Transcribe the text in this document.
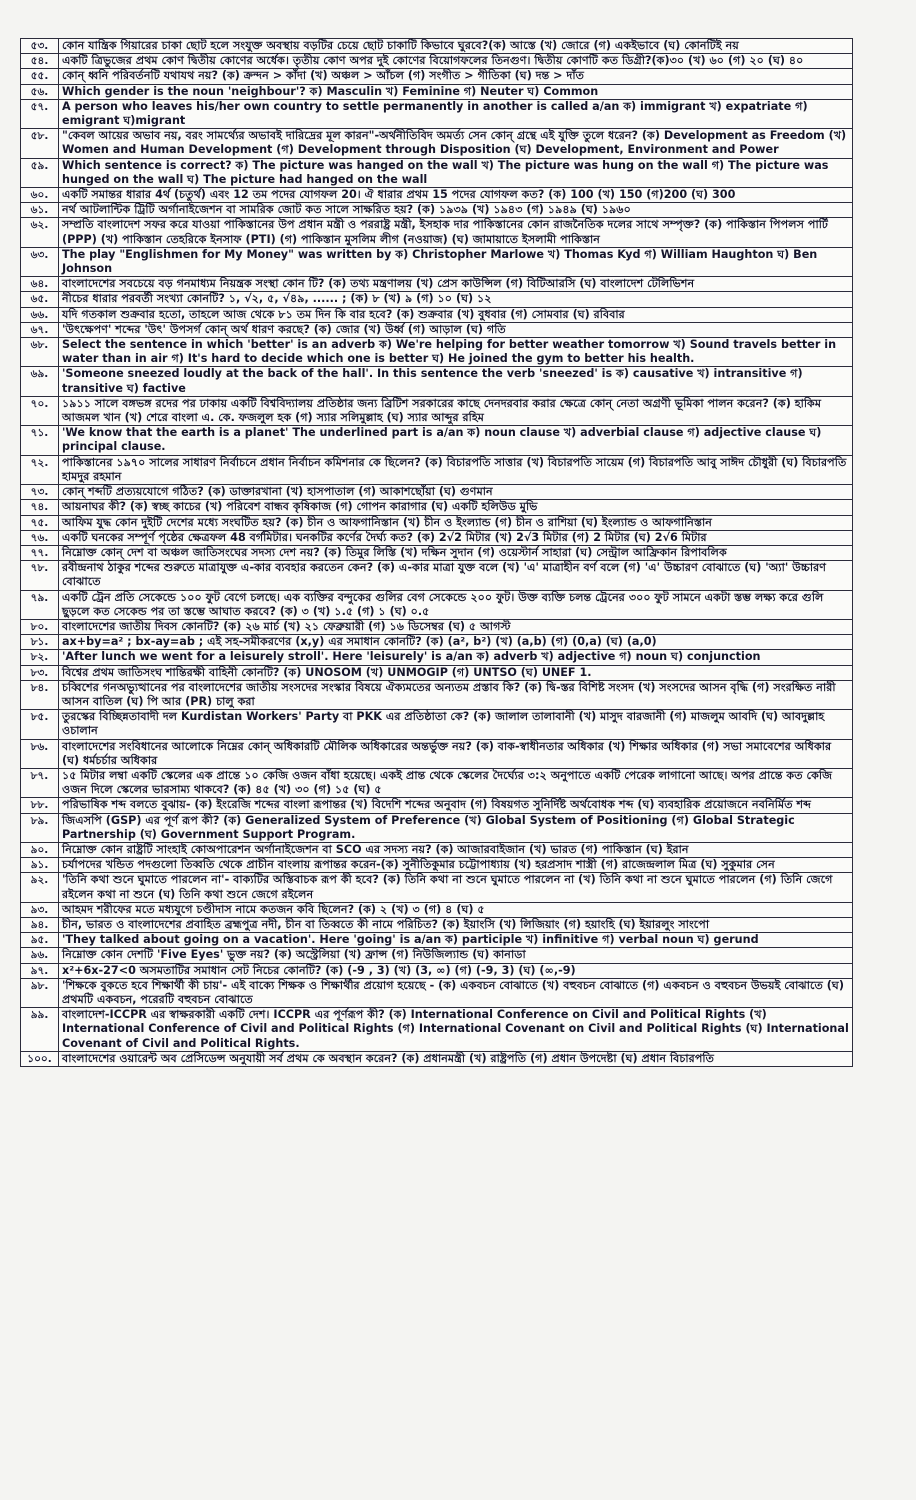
৫৩.	কোন যান্ত্রিক গিয়ারের চাকা ছোট হলে সংযুক্ত অবস্থায় বড়টির চেয়ে ছোট চাকাটি কিভাবে ঘুরবে?(ক) আস্তে (খ) জোরে (গ) একইভাবে (ঘ) কোনটিই নয়
৫৪.	একটি ত্রিভুজের প্রথম কোণ দ্বিতীয় কোণের অর্ধেক। তৃতীয় কোণ অপর দুই কোণের বিয়োগফলের তিনগুণ। দ্বিতীয় কোণটি কত ডিগ্রী?(ক)৩০ (খ) ৬০ (গ) ২০ (ঘ) ৪০
৫৫.	কোন্ ধ্বনি পরিবর্তনটি যথাযথ নয়? (ক) ক্রন্দন > কাঁদা (খ) অঞ্চল > আঁচল (গ) সংগীত > গীতিকা (ঘ) দন্ত > দাঁত
৫৬.	Which gender is the noun 'neighbour'? ক) Masculin খ) Feminine গ) Neuter ঘ) Common
৫৭.	A person who leaves his/her own country to settle permanently in another is called a/an ক) immigrant খ) expatriate গ) emigrant ঘ)migrant
৫৮.	"কেবল আয়ের অভাব নয়, বরং সামর্থ্যের অভাবই দারিদ্রের মূল কারন"-অর্থনীতিবিদ অমর্ত্য সেন কোন্ গ্রন্থে এই যুক্তি তুলে ধরেন? (ক) Development as Freedom (খ) Women and Human Development (গ) Development through Disposition (ঘ) Development, Environment and Power
৫৯.	Which sentence is correct? ক) The picture was hanged on the wall খ) The picture was hung on the wall গ) The picture was hunged on the wall ঘ) The picture had hanged on the wall
৬০.	একটি সমান্তর ধারার 4র্থ (চতুর্থ) এবং 12 তম পদের যোগফল 20। ঐ ধারার প্রথম 15 পদের যোগফল কত? (ক) 100 (খ) 150 (গ)200 (ঘ) 300
৬১.	নর্থ আটলান্টিক ট্রিটি অর্গানাইজেশন বা সামরিক জোট কত সালে সাক্ষরিত হয়? (ক) ১৯৩৯ (খ) ১৯৪৩ (গ) ১৯৪৯ (ঘ) ১৯৬০
৬২.	সম্প্রতি বাংলাদেশ সফর করে যাওয়া পাকিস্তানের উপ প্রধান মন্ত্রী ও পররাষ্ট্র মন্ত্রী, ইসহাক দার পাকিস্তানের কোন রাজনৈতিক দলের সাথে সম্পৃক্ত? (ক) পাকিস্তান পিপলস পার্টি (PPP) (খ) পাকিস্তান তেহরিকে ইনসাফ (PTI) (গ) পাকিস্তান মুসলিম লীগ (নওয়াজ) (ঘ) জামায়াতে ইসলামী পাকিস্তান
৬৩.	The play "Englishmen for My Money" was written by ক) Christopher Marlowe খ) Thomas Kyd গ) William Haughton ঘ) Ben Johnson
৬৪.	বাংলাদেশের সবচেয়ে বড় গনমাধ্যম নিয়ন্ত্রক সংস্থা কোন টি? (ক) তথ্য মন্ত্রণালয় (খ) প্রেস কাউন্সিল (গ) বিটিআরসি (ঘ) বাংলাদেশ টেলিভিশন
৬৫.	নীচের ধারার পরবর্তী সংখ্যা কোনটি? ১, √২, ৫, √৪৯, ...... ; (ক) ৮ (খ) ৯ (গ) ১০ (ঘ) ১২
৬৬.	যদি গতকাল শুক্রবার হতো, তাহলে আজ থেকে ৮১ তম দিন কি বার হবে? (ক) শুক্রবার (খ) বুধবার (গ) সোমবার (ঘ) রবিবার
৬৭.	'উৎক্ষেপণ' শব্দের 'উৎ' উপসর্গ কোন্ অর্থ ধারণ করছে? (ক) জোর (খ) উর্ধ্ব (গ) আড়াল (ঘ) গতি
৬৮.	Select the sentence in which 'better' is an adverb ক) We're helping for better weather tomorrow খ) Sound travels better in water than in air গ) It's hard to decide which one is better ঘ) He joined the gym to better his health.
৬৯.	'Someone sneezed loudly at the back of the hall'. In this sentence the verb 'sneezed' is ক) causative খ) intransitive গ) transitive ঘ) factive
৭০.	১৯১১ সালে বঙ্গভঙ্গ রদের পর ঢাকায় একটি বিশ্ববিদ্যালয় প্রতিষ্ঠার জন্য ব্রিটিশ সরকারের কাছে দেনদরবার করার ক্ষেত্রে কোন্ নেতা অগ্রণী ভূমিকা পালন করেন? (ক) হাকিম আজমল খান (খ) শেরে বাংলা এ. কে. ফজলুল হক (গ) স্যার সলিমুল্লাহ (ঘ) স্যার আব্দুর রহিম
৭১.	'We know that the earth is a planet' The underlined part is a/an ক) noun clause খ) adverbial clause গ) adjective clause ঘ) principal clause.
৭২.	পাকিস্তানের ১৯৭০ সালের সাধারণ নির্বাচনে প্রধান নির্বাচন কমিশনার কে ছিলেন? (ক) বিচারপতি সাত্তার (খ) বিচারপতি সায়েম (গ) বিচারপতি আবু সাঈদ চৌধুরী (ঘ) বিচারপতি হামদুর রহমান
৭৩.	কোন্ শব্দটি প্রত্যয়যোগে গঠিত? (ক) ডাক্তারখানা (খ) হাসপাতাল (গ) আকাশছোঁয়া (ঘ) গুণমান
৭৪.	আয়নাঘর কী? (ক) স্বচ্ছ কাচের (খ) পরিবেশ বান্ধব কৃষিকাজ (গ) গোপন কারাগার (ঘ) একটি হলিউড মুভি
৭৫.	আফিম যুদ্ধ কোন দুইটি দেশের মধ্যে সংঘটিত হয়? (ক) চীন ও আফগানিস্তান (খ) চীন ও ইংল্যান্ড (গ) চীন ও রাশিয়া (ঘ) ইংল্যান্ড ও আফগানিস্তান
৭৬.	একটি ঘনকের সম্পূর্ণ পৃষ্ঠের ক্ষেত্রফল 48 বর্গমিটার। ঘনকটির কর্ণের দৈর্ঘ্য কত? (ক) 2√2 মিটার (খ) 2√3 মিটার (গ) 2 মিটার (ঘ) 2√6 মিটার
৭৭.	নিম্নোক্ত কোন্ দেশ বা অঞ্চল জাতিসংঘের সদস্য দেশ নয়? (ক) তিমুর লিস্তি (খ) দক্ষিন সুদান (গ) ওয়েস্টার্ন সাহারা (ঘ) সেন্ট্রাল আফ্রিকান রিপাবলিক
৭৮.	রবীন্দ্রনাথ ঠাকুর শব্দের শুরুতে মাত্রাযুক্ত এ-কার ব্যবহার করতেন কেন? (ক) এ-কার মাত্রা যুক্ত বলে (খ) 'এ' মাত্রাহীন বর্ণ বলে (গ) 'এ' উচ্চারণ বোঝাতে (ঘ) 'অ্যা' উচ্চারণ বোঝাতে
৭৯.	একটি ট্রেন প্রতি সেকেন্ডে ১০০ ফুট বেগে চলছে। এক ব্যক্তির বন্দুকের গুলির বেগ সেকেন্ডে ২০০ ফুট। উক্ত ব্যক্তি চলন্ত ট্রেনের ৩০০ ফুট সামনে একটা স্তম্ভ লক্ষ্য করে গুলি ছুড়লে কত সেকেন্ড পর তা স্তম্ভে আঘাত করবে? (ক) ৩ (খ) ১.৫ (গ) ১ (ঘ) ০.৫
৮০.	বাংলাদেশের জাতীয় দিবস কোনটি? (ক) ২৬ মার্চ (খ) ২১ ফেব্রুয়ারী (গ) ১৬ ডিসেম্বর (ঘ) ৫ আগস্ট
৮১.	ax+by=a² ; bx-ay=ab ; এই সহ-সমীকরণের (x,y) এর সমাধান কোনটি? (ক) (a², b²) (খ) (a,b) (গ) (0,a) (ঘ) (a,0)
৮২.	'After lunch we went for a leisurely stroll'. Here 'leisurely' is a/an ক) adverb খ) adjective গ) noun ঘ) conjunction
৮৩.	বিশ্বের প্রথম জাতিসংঘ শান্তিরক্ষী বাহিনী কোনটি? (ক) UNOSOM (খ) UNMOGIP (গ) UNTSO (ঘ) UNEF 1.
৮৪.	চব্বিশের গনঅভ্যুত্থানের পর বাংলাদেশের জাতীয় সংসদের সংস্কার বিষয়ে ঐক্যমতের অন্যতম প্রস্তাব কি? (ক) দ্বি-স্তর বিশিষ্ট সংসদ (খ) সংসদের আসন বৃদ্ধি (গ) সংরক্ষিত নারী আসন বাতিল (ঘ) পি আর (PR) চালু করা
৮৫.	তুরস্কের বিচ্ছিন্নতাবাদী দল Kurdistan Workers' Party বা PKK এর প্রতিষ্ঠাতা কে? (ক) জালাল তালাবানী (খ) মাসুদ বারজানী (গ) মাজলুম আবদি (ঘ) আবদুল্লাহ ওচালান
৮৬.	বাংলাদেশের সংবিধানের আলোকে নিম্নের কোন্ অধিকারটি মৌলিক অধিকারের অন্তর্ভুক্ত নয়? (ক) বাক-স্বাধীনতার অধিকার (খ) শিক্ষার অধিকার (গ) সভা সমাবেশের অধিকার (ঘ) ধর্মচর্চার অধিকার
৮৭.	১৫ মিটার লম্বা একটি স্কেলের এক প্রান্তে ১০ কেজি ওজন বাঁধা হয়েছে। একই প্রান্ত থেকে স্কেলের দৈর্ঘ্যের ৩:২ অনুপাতে একটি পেরেক লাগানো আছে। অপর প্রান্তে কত কেজি ওজন দিলে স্কেলের ভারসাম্য থাকবে? (ক) ৪৫ (খ) ৩০ (গ) ১৫ (ঘ) ৫
৮৮.	পরিভাষিক শব্দ বলতে বুঝায়- (ক) ইংরেজি শব্দের বাংলা রূপান্তর (খ) বিদেশি শব্দের অনুবাদ (গ) বিষয়গত সুনির্দিষ্ট অর্থবোধক শব্দ (ঘ) ব্যবহারিক প্রয়োজনে নবনির্মিত শব্দ
৮৯.	জিএসপি (GSP) এর পূর্ণ রূপ কী? (ক) Generalized System of Preference (খ) Global System of Positioning (গ) Global Strategic Partnership (ঘ) Government Support Program.
৯০.	নিম্নোক্ত কোন রাষ্ট্রটি সাংহাই কোঅপারেশন অর্গানাইজেশন বা SCO এর সদস্য নয়? (ক) আজারবাইজান (খ) ভারত (গ) পাকিস্তান (ঘ) ইরান
৯১.	চর্যাপদের খন্ডিত পদগুলো তিব্বতি থেকে প্রাচীন বাংলায় রূপান্তর করেন-(ক) সুনীতিকুমার চট্টোপাধ্যায় (খ) হরপ্রসাদ শাস্ত্রী (গ) রাজেন্দ্রলাল মিত্র (ঘ) সুকুমার সেন
৯২.	'তিনি কথা শুনে ঘুমাতে পারলেন না'- বাক্যটির অস্তিবাচক রূপ কী হবে? (ক) তিনি কথা না শুনে ঘুমাতে পারলেন না (খ) তিনি কথা না শুনে ঘুমাতে পারলেন (গ) তিনি জেগে রইলেন কথা না শুনে (ঘ) তিনি কথা শুনে জেগে রইলেন
৯৩.	আহমদ শরীফের মতে মধ্যযুগে চণ্ডীদাস নামে কতজন কবি ছিলেন? (ক) ২ (খ) ৩ (গ) ৪ (ঘ) ৫
৯৪.	চীন, ভারত ও বাংলাদেশের প্রবাহিত ব্রহ্মপুত্র নদী, চীন বা তিব্বতে কী নামে পরিচিত? (ক) ইয়াংসি (খ) লিজিয়াং (গ) হয়াংহি (ঘ) ইয়ারলুং সাংপো
৯৫.	'They talked about going on a vacation'. Here 'going' is a/an ক) participle খ) infinitive গ) verbal noun ঘ) gerund
৯৬.	নিম্নোক্ত কোন দেশটি 'Five Eyes' ভুক্ত নয়? (ক) অস্ট্রেলিয়া (খ) ফ্রান্স (গ) নিউজিল্যান্ড (ঘ) কানাডা
৯৭.	x²+6x-27<0 অসমতাটির সমাধান সেট নিচের কোনটি? (ক) (-9 , 3) (খ) (3, ∞) (গ) (-9, 3) (ঘ) (∞,-9)
৯৮.	'শিক্ষকে বুকতে হবে শিক্ষার্থী কী চায়'- এই বাক্যে শিক্ষক ও শিক্ষার্থীর প্রয়োগ হয়েছে - (ক) একবচন বোঝাতে (খ) বহুবচন বোঝাতে (গ) একবচন ও বহুবচন উভয়ই বোঝাতে (ঘ) প্রথমটি একবচন, পরেরটি বহুবচন বোঝাতে
৯৯.	বাংলাদেশ-ICCPR এর স্বাক্ষরকারী একটি দেশ। ICCPR এর পূর্ণরূপ কী? (ক) International Conference on Civil and Political Rights (খ) International Conference of Civil and Political Rights (গ) International Covenant on Civil and Political Rights (ঘ) International Covenant of Civil and Political Rights.
১০০.	বাংলাদেশের ওয়ারেন্ট অব প্রেসিডেন্স অনুযায়ী সর্ব প্রথম কে অবস্থান করেন? (ক) প্রধানমন্ত্রী (খ) রাষ্ট্রপতি (গ) প্রধান উপদেষ্টা (ঘ) প্রধান বিচারপতি
